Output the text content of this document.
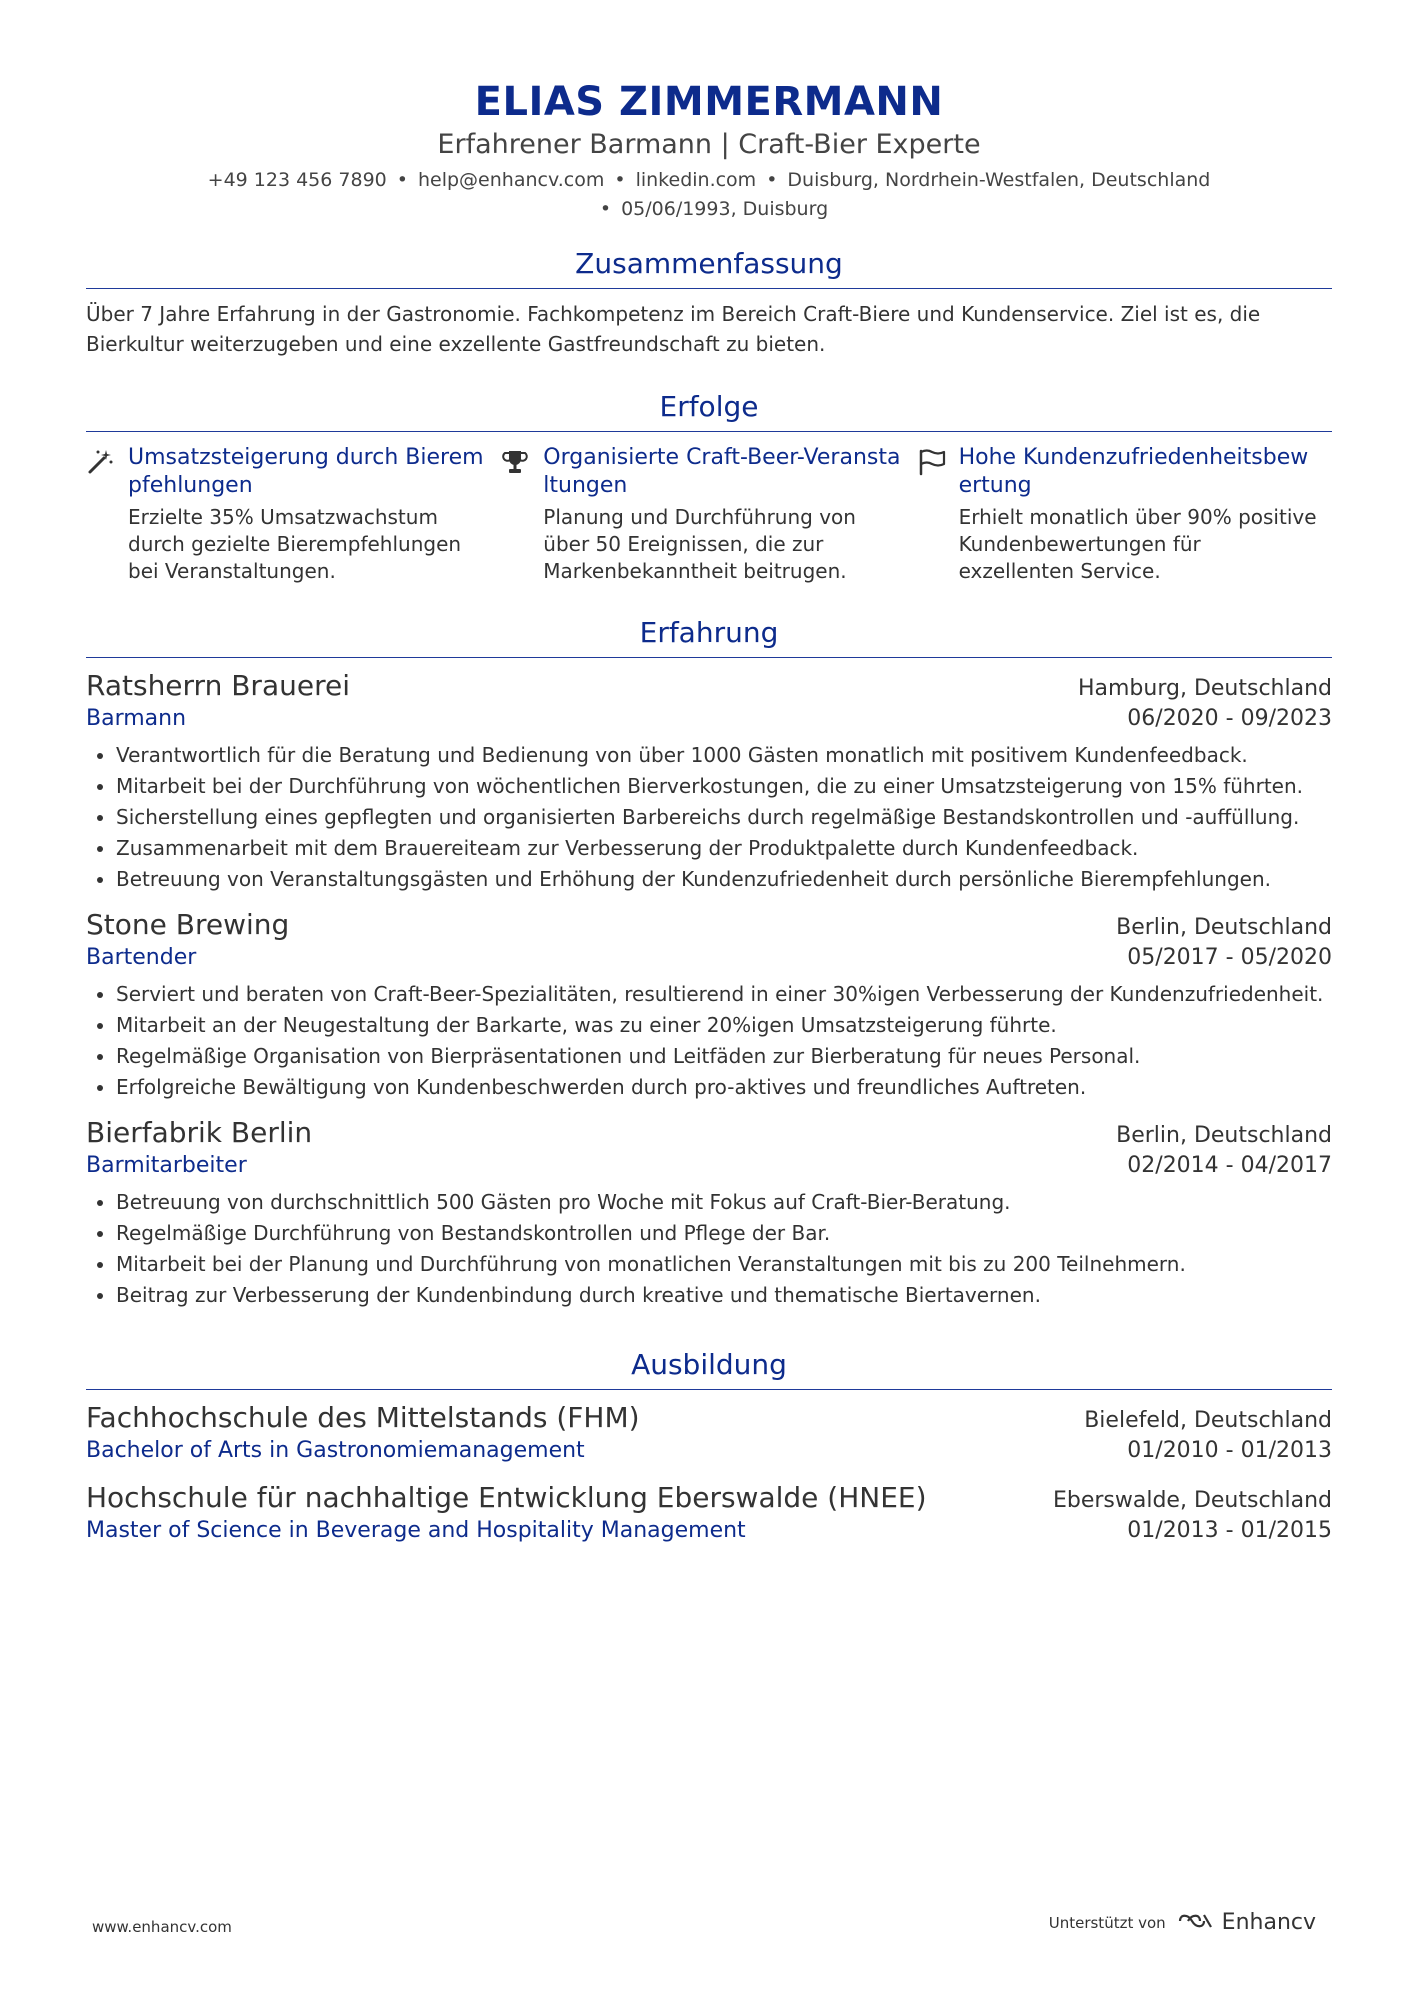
ELIAS ZIMMERMANN
Erfahrener Barmann | Craft-Bier Experte
+49 123 456 7890 • help@enhancv.com • linkedin.com • Duisburg, Nordrhein-Westfalen, Deutschland
• 05/06/1993, Duisburg
Zusammenfassung
Über 7 Jahre Erfahrung in der Gastronomie. Fachkompetenz im Bereich Craft-Biere und Kundenservice. Ziel ist es, die Bierkultur weiterzugeben und eine exzellente Gastfreundschaft zu bieten.
Erfolge
Umsatzsteigerung durch Bierempfehlungen
Erzielte 35% Umsatzwachstum durch gezielte Bierempfehlungen bei Veranstaltungen.
Organisierte Craft-Beer-Veranstaltungen
Planung und Durchführung von über 50 Ereignissen, die zur Markenbekanntheit beitrugen.
Hohe Kundenzufriedenheitsbewertung
Erhielt monatlich über 90% positive Kundenbewertungen für exzellenten Service.
Erfahrung
Ratsherrn Brauerei	Hamburg, Deutschland
Barmann	06/2020 - 09/2023
• Verantwortlich für die Beratung und Bedienung von über 1000 Gästen monatlich mit positivem Kundenfeedback.
• Mitarbeit bei der Durchführung von wöchentlichen Bierverkostungen, die zu einer Umsatzsteigerung von 15% führten.
• Sicherstellung eines gepflegten und organisierten Barbereichs durch regelmäßige Bestandskontrollen und -auffüllung.
• Zusammenarbeit mit dem Brauereiteam zur Verbesserung der Produktpalette durch Kundenfeedback.
• Betreuung von Veranstaltungsgästen und Erhöhung der Kundenzufriedenheit durch persönliche Bierempfehlungen.
Stone Brewing	Berlin, Deutschland
Bartender	05/2017 - 05/2020
• Serviert und beraten von Craft-Beer-Spezialitäten, resultierend in einer 30%igen Verbesserung der Kundenzufriedenheit.
• Mitarbeit an der Neugestaltung der Barkarte, was zu einer 20%igen Umsatzsteigerung führte.
• Regelmäßige Organisation von Bierpräsentationen und Leitfäden zur Bierberatung für neues Personal.
• Erfolgreiche Bewältigung von Kundenbeschwerden durch pro-aktives und freundliches Auftreten.
Bierfabrik Berlin	Berlin, Deutschland
Barmitarbeiter	02/2014 - 04/2017
• Betreuung von durchschnittlich 500 Gästen pro Woche mit Fokus auf Craft-Bier-Beratung.
• Regelmäßige Durchführung von Bestandskontrollen und Pflege der Bar.
• Mitarbeit bei der Planung und Durchführung von monatlichen Veranstaltungen mit bis zu 200 Teilnehmern.
• Beitrag zur Verbesserung der Kundenbindung durch kreative und thematische Biertavernen.
Ausbildung
Fachhochschule des Mittelstands (FHM)	Bielefeld, Deutschland
Bachelor of Arts in Gastronomiemanagement	01/2010 - 01/2013
Hochschule für nachhaltige Entwicklung Eberswalde (HNEE)	Eberswalde, Deutschland
Master of Science in Beverage and Hospitality Management	01/2013 - 01/2015
www.enhancv.com	Unterstützt von	Enhancv
